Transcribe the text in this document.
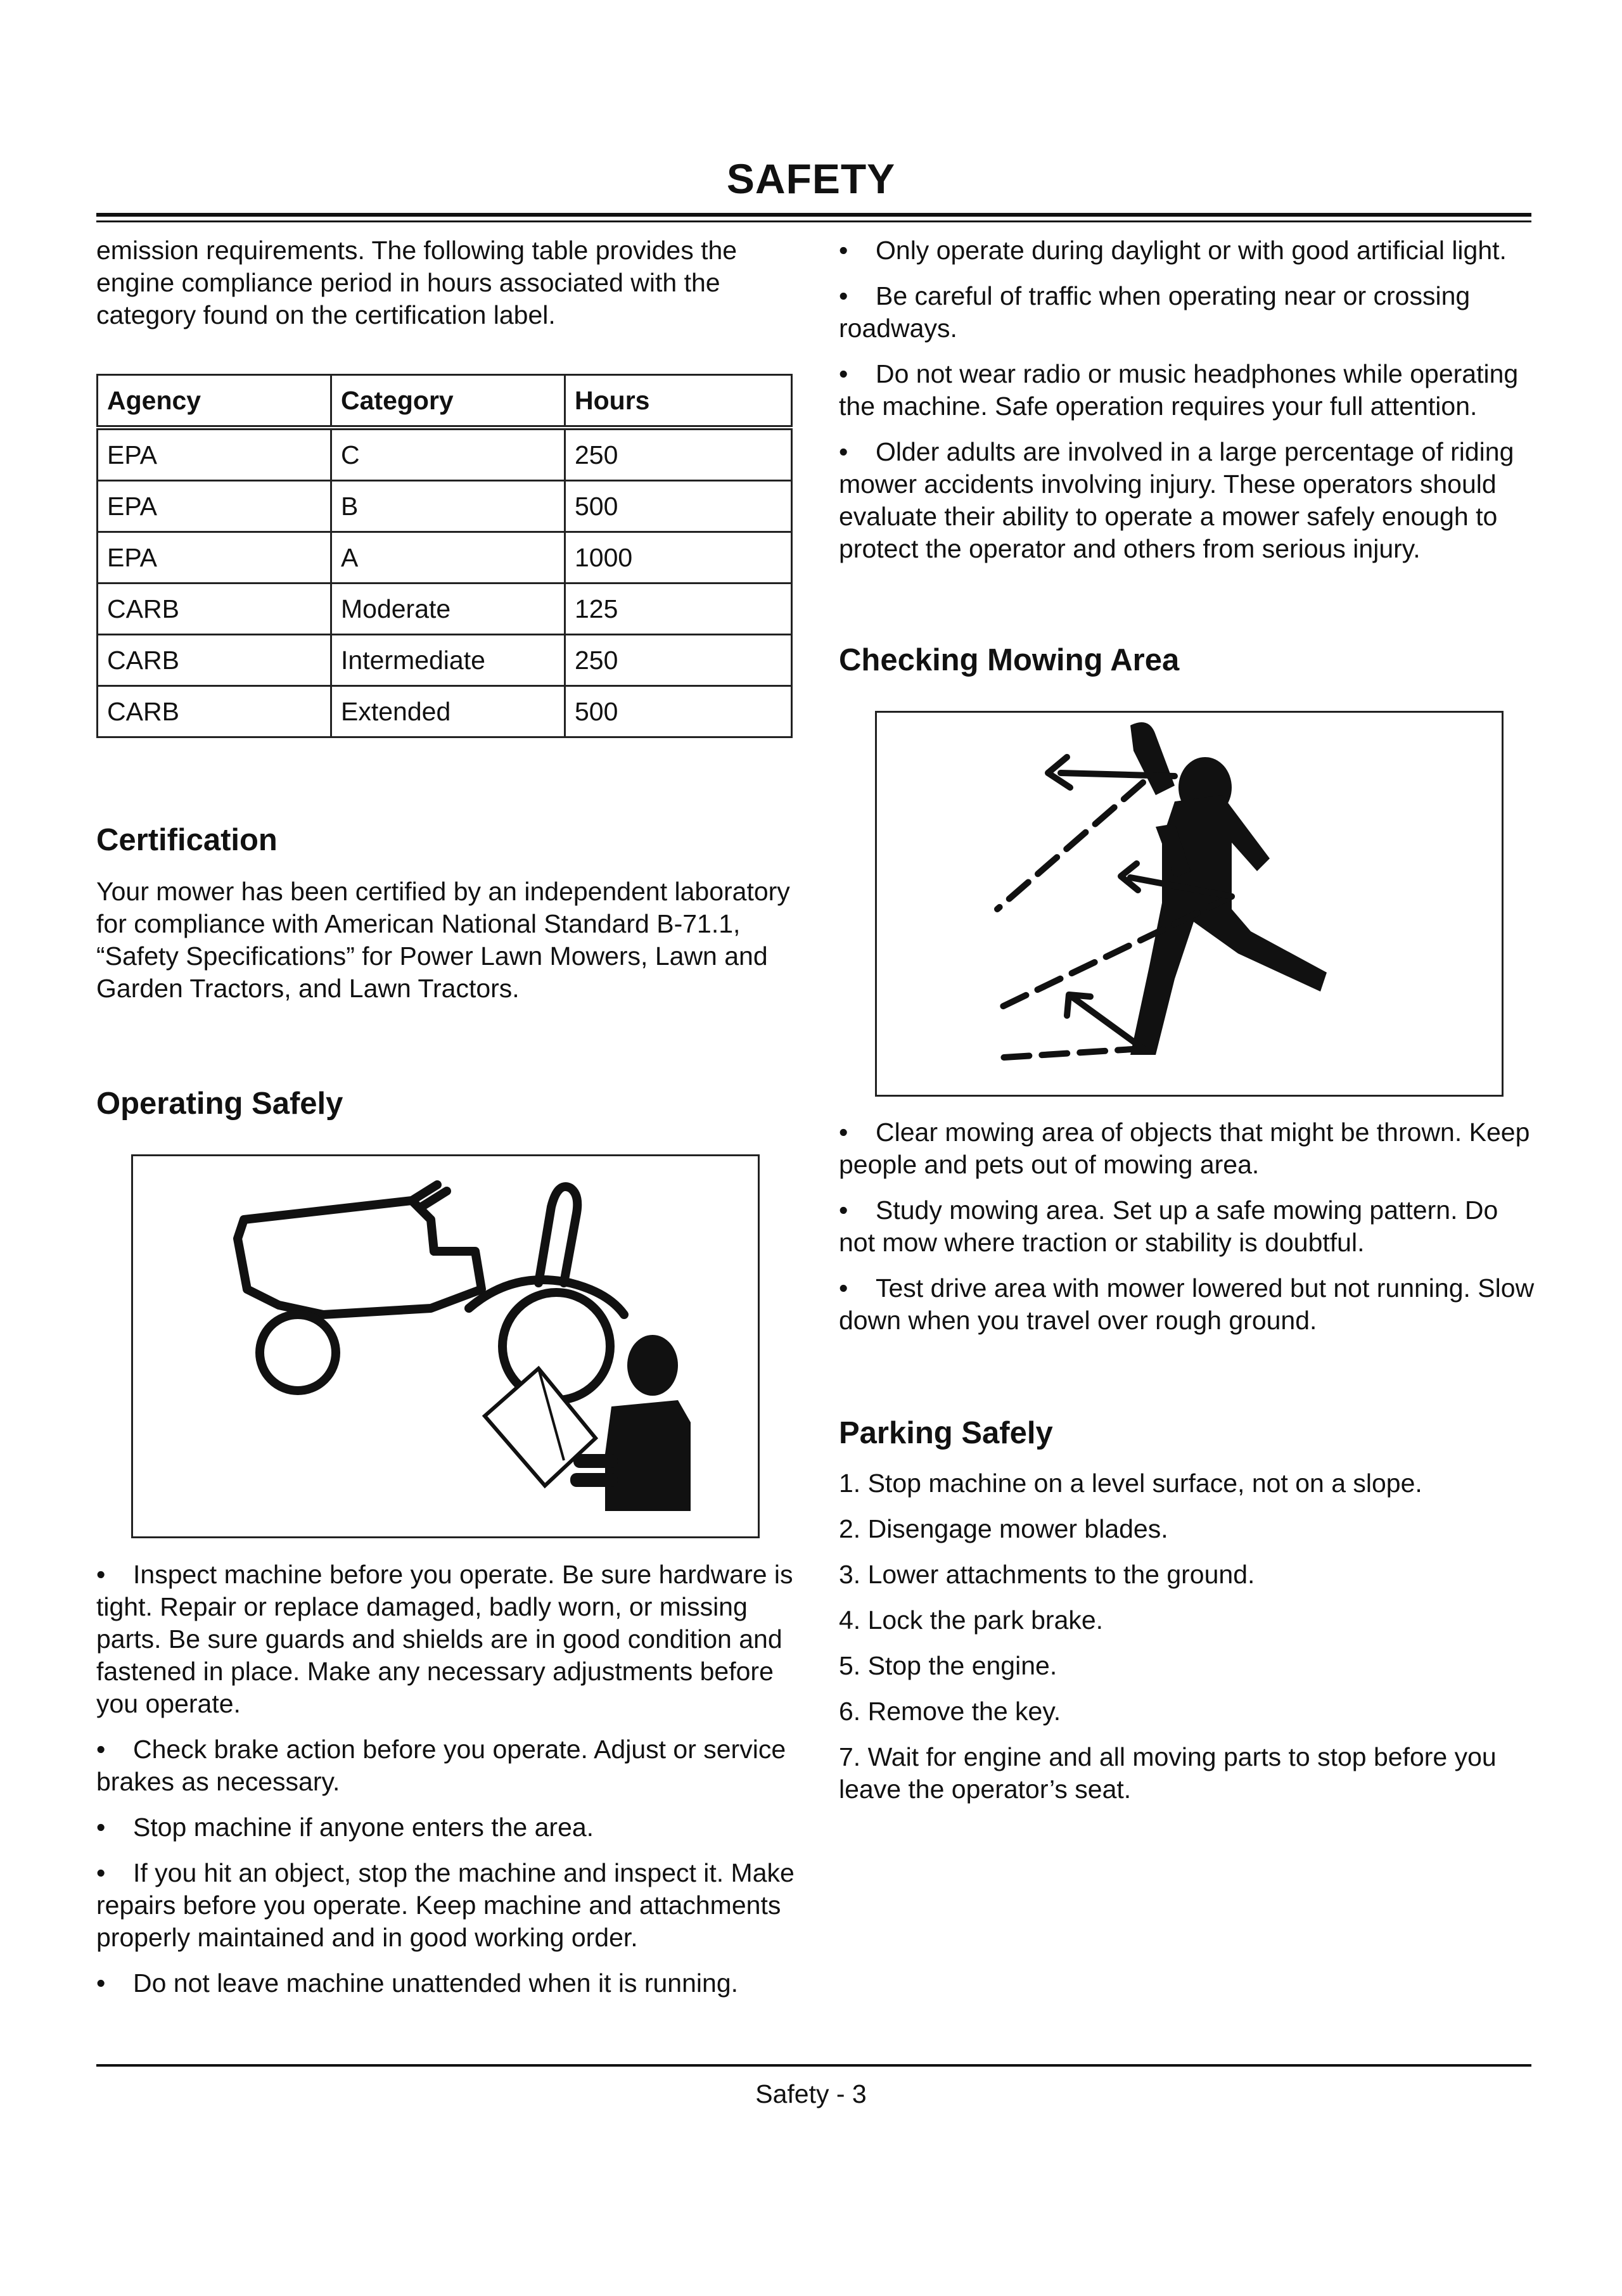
SAFETY

emission requirements. The following table provides the engine compliance period in hours associated with the category found on the certification label.

Agency	Category	Hours
EPA	C	250
EPA	B	500
EPA	A	1000
CARB	Moderate	125
CARB	Intermediate	250
CARB	Extended	500

Certification

Your mower has been certified by an independent laboratory for compliance with American National Standard B-71.1, “Safety Specifications” for Power Lawn Mowers, Lawn and Garden Tractors, and Lawn Tractors.

Operating Safely

• Inspect machine before you operate. Be sure hardware is tight. Repair or replace damaged, badly worn, or missing parts. Be sure guards and shields are in good condition and fastened in place. Make any necessary adjustments before you operate.

• Check brake action before you operate. Adjust or service brakes as necessary.

• Stop machine if anyone enters the area.

• If you hit an object, stop the machine and inspect it. Make repairs before you operate. Keep machine and attachments properly maintained and in good working order.

• Do not leave machine unattended when it is running.

• Only operate during daylight or with good artificial light.

• Be careful of traffic when operating near or crossing roadways.

• Do not wear radio or music headphones while operating the machine. Safe operation requires your full attention.

• Older adults are involved in a large percentage of riding mower accidents involving injury. These operators should evaluate their ability to operate a mower safely enough to protect the operator and others from serious injury.

Checking Mowing Area

• Clear mowing area of objects that might be thrown. Keep people and pets out of mowing area.

• Study mowing area. Set up a safe mowing pattern. Do not mow where traction or stability is doubtful.

• Test drive area with mower lowered but not running. Slow down when you travel over rough ground.

Parking Safely

1. Stop machine on a level surface, not on a slope.

2. Disengage mower blades.

3. Lower attachments to the ground.

4. Lock the park brake.

5. Stop the engine.

6. Remove the key.

7. Wait for engine and all moving parts to stop before you leave the operator’s seat.

Safety - 3
